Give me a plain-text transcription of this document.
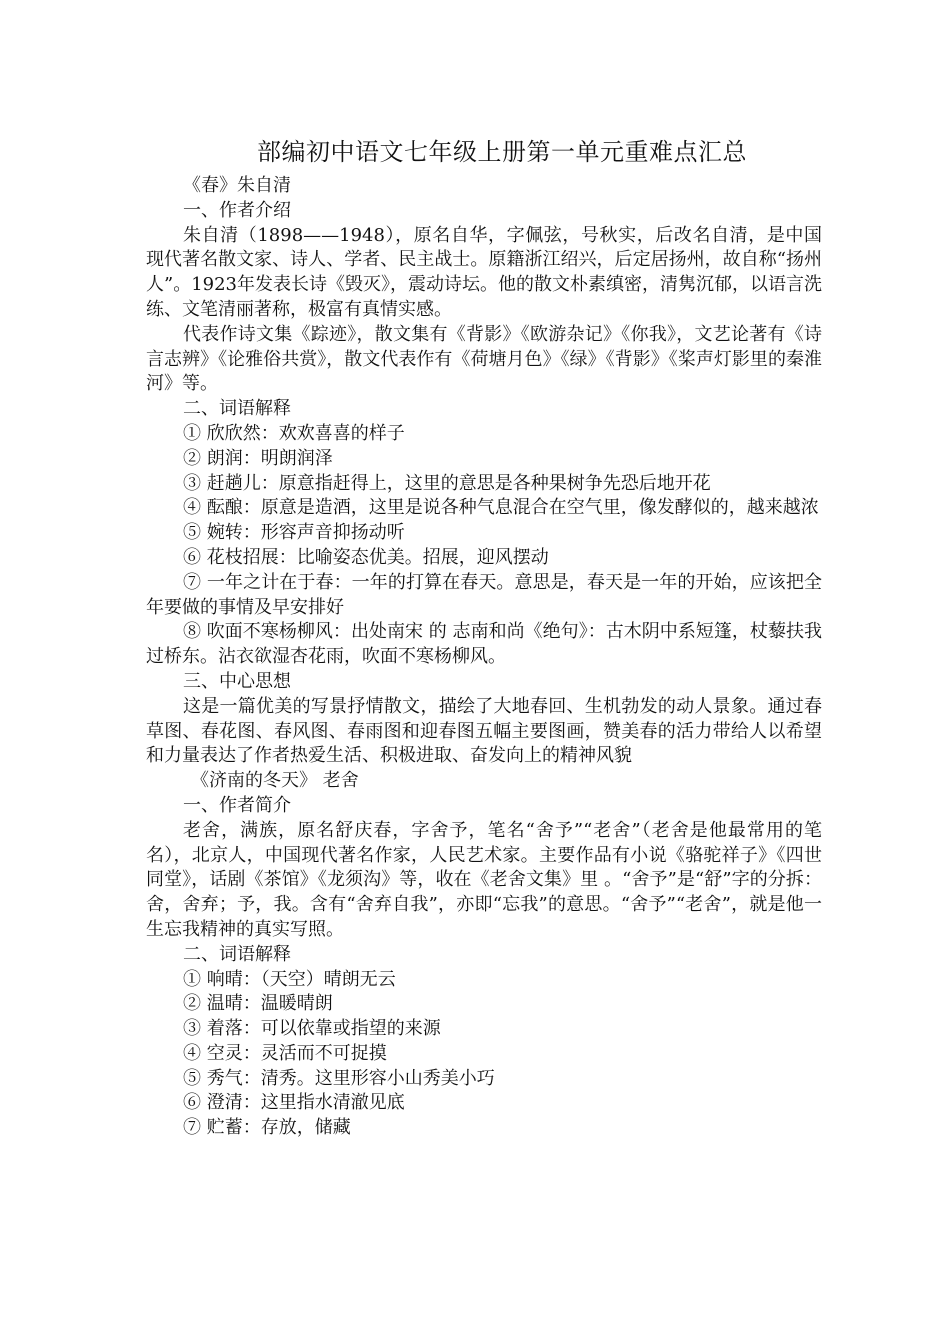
部编初中语文七年级上册第一单元重难点汇总

《春》朱自清

一、作者介绍

朱自清（1898——1948），原名自华，字佩弦，号秋实，后改名自清，是中国现代著名散文家、诗人、学者、民主战士。原籍浙江绍兴，后定居扬州，故自称“扬州人”。1923年发表长诗《毁灭》，震动诗坛。他的散文朴素缜密，清隽沉郁，以语言洗练、文笔清丽著称，极富有真情实感。

代表作诗文集《踪迹》，散文集有《背影》《欧游杂记》《你我》，文艺论著有《诗言志辨》《论雅俗共赏》，散文代表作有《荷塘月色》《绿》《背影》《桨声灯影里的秦淮河》等。

二、词语解释

① 欣欣然：欢欢喜喜的样子

② 朗润：明朗润泽

③ 赶趟儿：原意指赶得上，这里的意思是各种果树争先恐后地开花

④ 酝酿：原意是造酒，这里是说各种气息混合在空气里，像发酵似的，越来越浓

⑤ 婉转：形容声音抑扬动听

⑥ 花枝招展：比喻姿态优美。招展，迎风摆动

⑦ 一年之计在于春：一年的打算在春天。意思是，春天是一年的开始，应该把全年要做的事情及早安排好

⑧ 吹面不寒杨柳风：出处南宋 的 志南和尚《绝句》：古木阴中系短篷，杖藜扶我过桥东。沾衣欲湿杏花雨，吹面不寒杨柳风。

三、中心思想

这是一篇优美的写景抒情散文，描绘了大地春回、生机勃发的动人景象。通过春草图、春花图、春风图、春雨图和迎春图五幅主要图画，赞美春的活力带给人以希望和力量表达了作者热爱生活、积极进取、奋发向上的精神风貌

《济南的冬天》 老舍

一、作者简介

老舍，满族，原名舒庆春，字舍予，笔名“舍予”“老舍”（老舍是他最常用的笔名），北京人，中国现代著名作家，人民艺术家。主要作品有小说《骆驼祥子》《四世同堂》，话剧《茶馆》《龙须沟》等，收在《老舍文集》里 。“舍予”是“舒”字的分拆：舍，舍弃；予，我。含有“舍弃自我”，亦即“忘我”的意思。“舍予”“老舍”，就是他一生忘我精神的真实写照。

二、词语解释

① 响晴：（天空）晴朗无云

② 温晴：温暖晴朗

③ 着落：可以依靠或指望的来源

④ 空灵：灵活而不可捉摸

⑤ 秀气：清秀。这里形容小山秀美小巧

⑥ 澄清：这里指水清澈见底

⑦ 贮蓄：存放，储藏
